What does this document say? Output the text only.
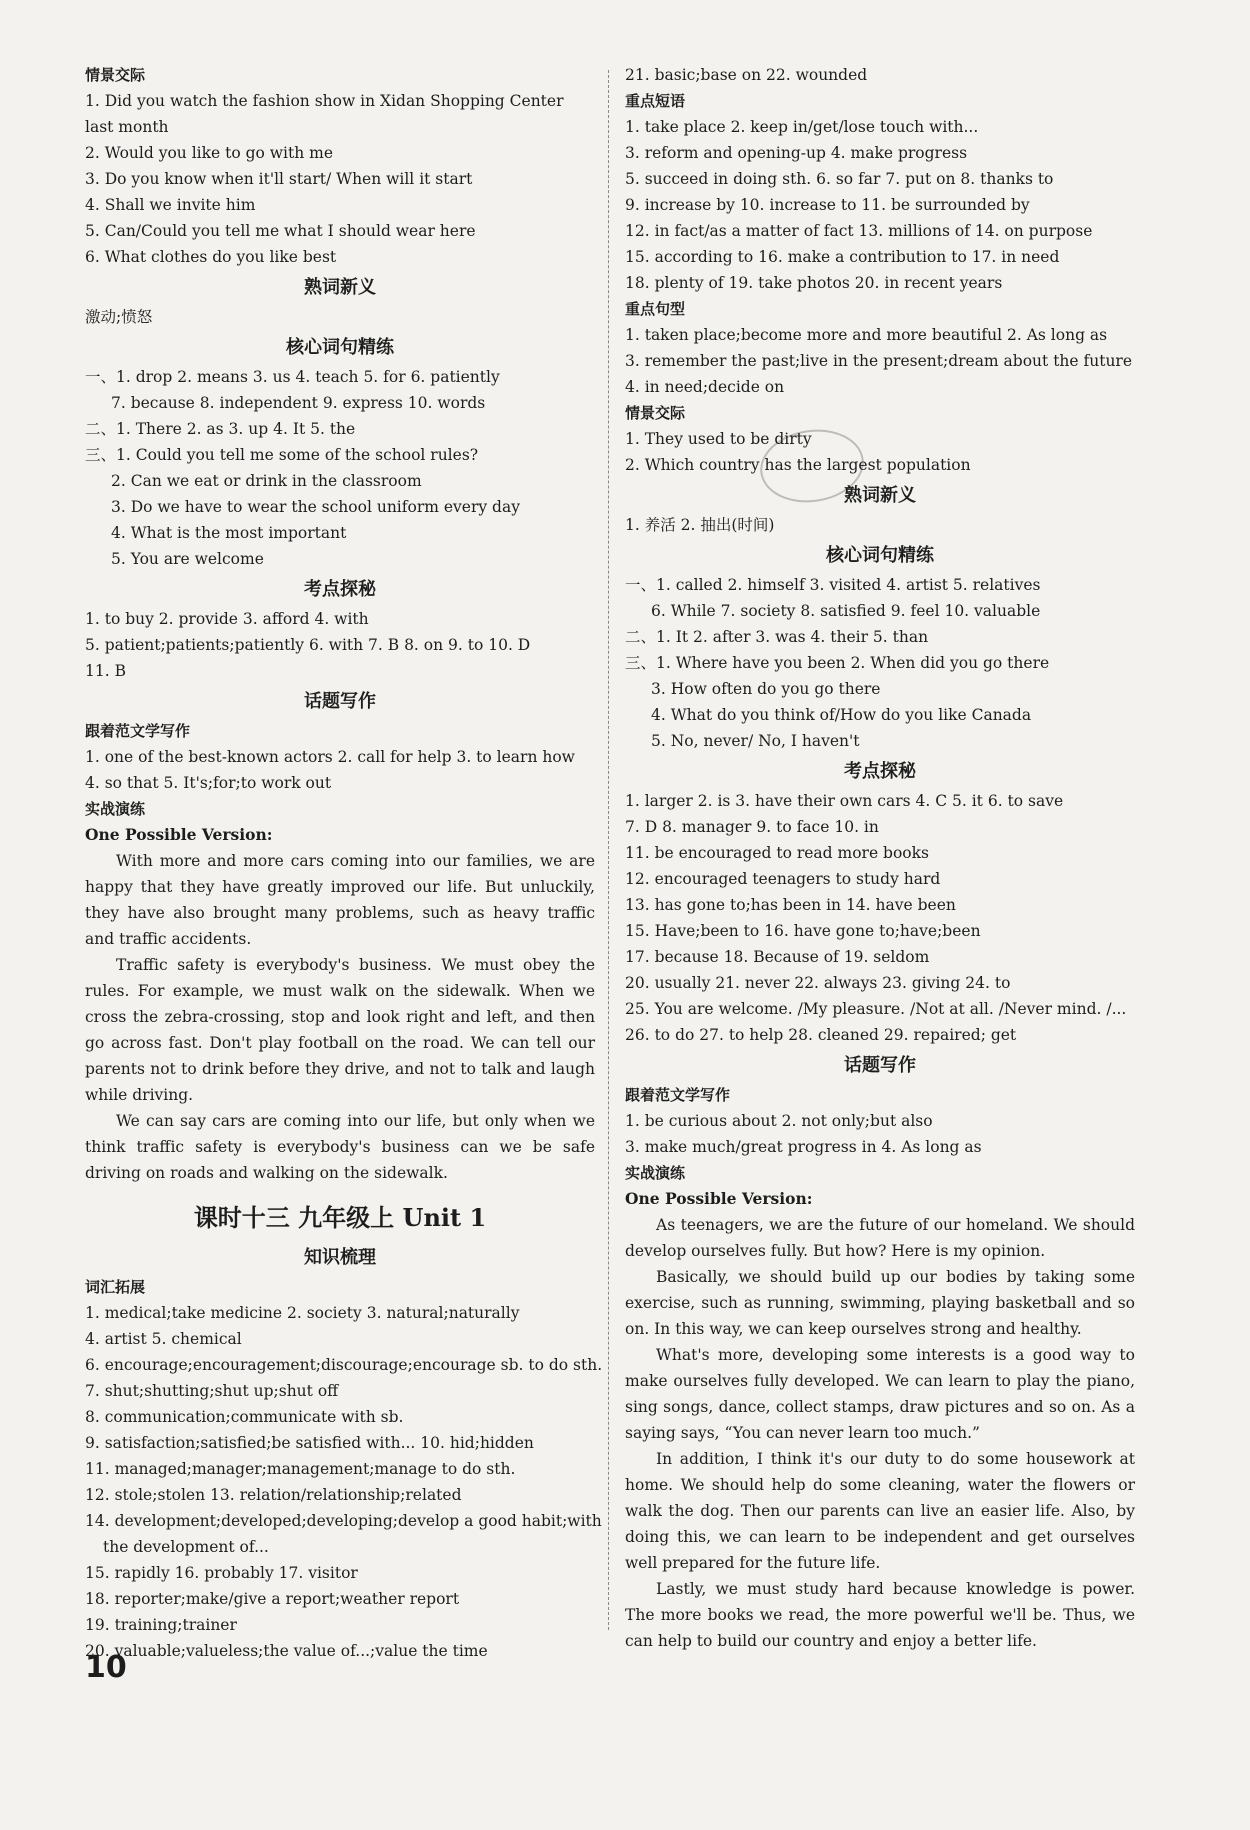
情景交际
1. Did you watch the fashion show in Xidan Shopping Center last month
2. Would you like to go with me
3. Do you know when it'll start/ When will it start
4. Shall we invite him
5. Can/Could you tell me what I should wear here
6. What clothes do you like best
熟词新义
激动;愤怒
核心词句精练
一、1. drop 2. means 3. us 4. teach 5. for 6. patiently
7. because 8. independent 9. express 10. words
二、1. There 2. as 3. up 4. It 5. the
三、1. Could you tell me some of the school rules?
2. Can we eat or drink in the classroom
3. Do we have to wear the school uniform every day
4. What is the most important
5. You are welcome
考点探秘
1. to buy 2. provide 3. afford 4. with
5. patient;patients;patiently 6. with 7. B 8. on 9. to 10. D
11. B
话题写作
跟着范文学写作
1. one of the best-known actors 2. call for help 3. to learn how
4. so that 5. It's;for;to work out
实战演练
One Possible Version:

With more and more cars coming into our families, we are happy that they have greatly improved our life. But unluckily, they have also brought many problems, such as heavy traffic and traffic accidents.

Traffic safety is everybody's business. We must obey the rules. For example, we must walk on the sidewalk. When we cross the zebra-crossing, stop and look right and left, and then go across fast. Don't play football on the road. We can tell our parents not to drink before they drive, and not to talk and laugh while driving.

We can say cars are coming into our life, but only when we think traffic safety is everybody's business can we be safe driving on roads and walking on the sidewalk.

课时十三 九年级上 Unit 1
知识梳理
词汇拓展
1. medical;take medicine 2. society 3. natural;naturally
4. artist 5. chemical
6. encourage;encouragement;discourage;encourage sb. to do sth.
7. shut;shutting;shut up;shut off
8. communication;communicate with sb.
9. satisfaction;satisfied;be satisfied with... 10. hid;hidden
11. managed;manager;management;manage to do sth.
12. stole;stolen 13. relation/relationship;related
14. development;developed;developing;develop a good habit;with
the development of...
15. rapidly 16. probably 17. visitor
18. reporter;make/give a report;weather report
19. training;trainer
20. valuable;valueless;the value of...;value the time
21. basic;base on 22. wounded
重点短语
1. take place 2. keep in/get/lose touch with...
3. reform and opening-up 4. make progress
5. succeed in doing sth. 6. so far 7. put on 8. thanks to
9. increase by 10. increase to 11. be surrounded by
12. in fact/as a matter of fact 13. millions of 14. on purpose
15. according to 16. make a contribution to 17. in need
18. plenty of 19. take photos 20. in recent years
重点句型
1. taken place;become more and more beautiful 2. As long as
3. remember the past;live in the present;dream about the future
4. in need;decide on
情景交际
1. They used to be dirty
2. Which country has the largest population
熟词新义
1. 养活 2. 抽出(时间)
核心词句精练
一、1. called 2. himself 3. visited 4. artist 5. relatives
6. While 7. society 8. satisfied 9. feel 10. valuable
二、1. It 2. after 3. was 4. their 5. than
三、1. Where have you been 2. When did you go there
3. How often do you go there
4. What do you think of/How do you like Canada
5. No, never/ No, I haven't
考点探秘
1. larger 2. is 3. have their own cars 4. C 5. it 6. to save
7. D 8. manager 9. to face 10. in
11. be encouraged to read more books
12. encouraged teenagers to study hard
13. has gone to;has been in 14. have been
15. Have;been to 16. have gone to;have;been
17. because 18. Because of 19. seldom
20. usually 21. never 22. always 23. giving 24. to
25. You are welcome. /My pleasure. /Not at all. /Never mind. /...
26. to do 27. to help 28. cleaned 29. repaired; get
话题写作
跟着范文学写作
1. be curious about 2. not only;but also
3. make much/great progress in 4. As long as
实战演练
One Possible Version:

As teenagers, we are the future of our homeland. We should develop ourselves fully. But how? Here is my opinion.

Basically, we should build up our bodies by taking some exercise, such as running, swimming, playing basketball and so on. In this way, we can keep ourselves strong and healthy.

What's more, developing some interests is a good way to make ourselves fully developed. We can learn to play the piano, sing songs, dance, collect stamps, draw pictures and so on. As a saying says, “You can never learn too much.”

In addition, I think it's our duty to do some housework at home. We should help do some cleaning, water the flowers or walk the dog. Then our parents can live an easier life. Also, by doing this, we can learn to be independent and get ourselves well prepared for the future life.

Lastly, we must study hard because knowledge is power. The more books we read, the more powerful we'll be. Thus, we can help to build our country and enjoy a better life.

10
